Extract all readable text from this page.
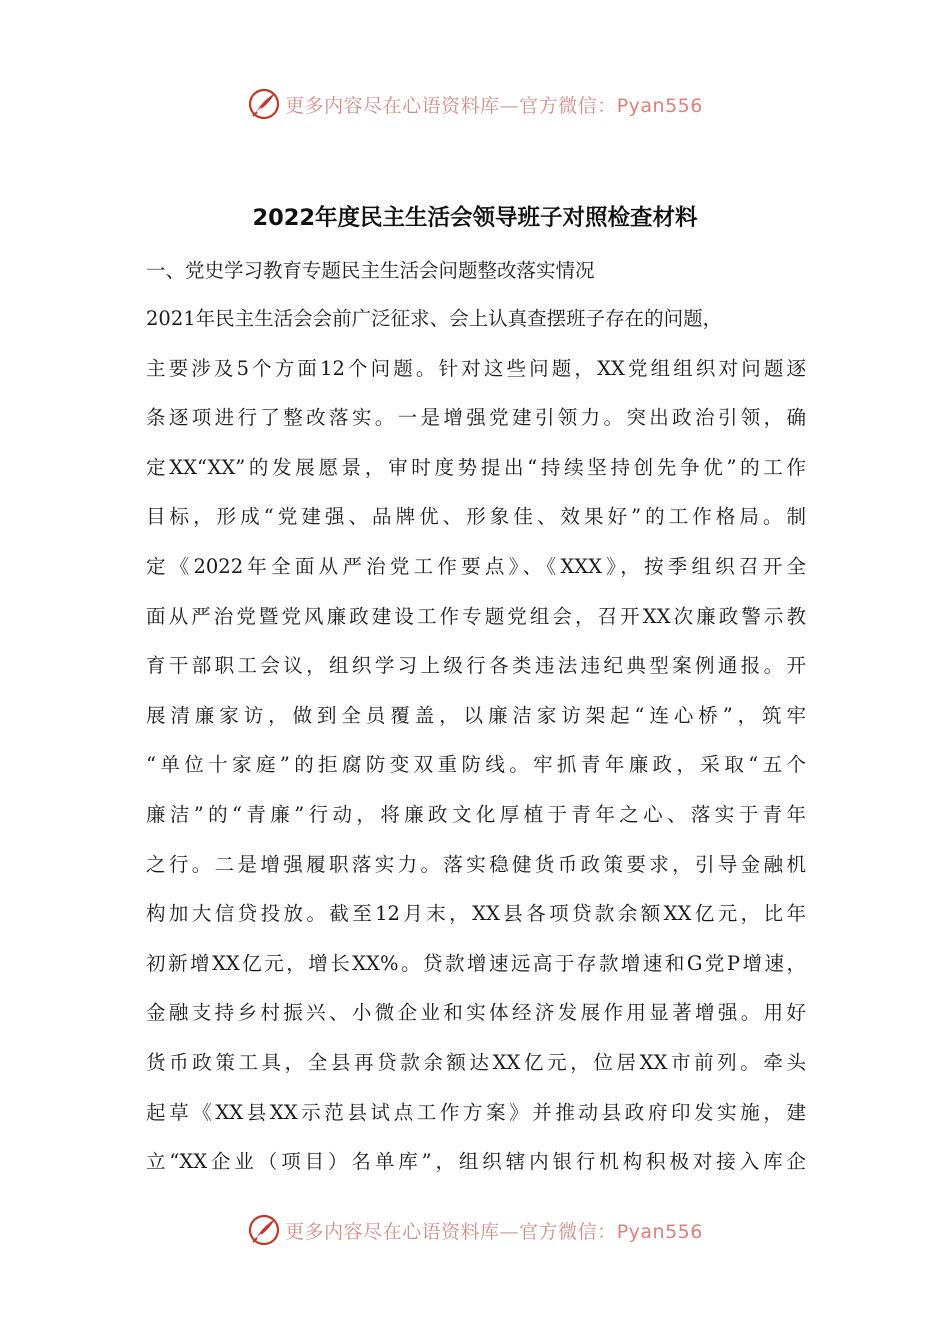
更多内容尽在心语资料库—官方微信：Pyan556
2022年度民主生活会领导班子对照检查材料
一、党史学习教育专题民主生活会问题整改落实情况
2021年民主生活会会前广泛征求、会上认真查摆班子存在的问题，
主要涉及5个方面12个问题。针对这些问题，XX党组组织对问题逐
条逐项进行了整改落实。一是增强党建引领力。突出政治引领，确
定XX“XX”的发展愿景，审时度势提出“持续坚持创先争优”的工作
目标，形成“党建强、品牌优、形象佳、效果好”的工作格局。制
定《2022年全面从严治党工作要点》、《XXX》，按季组织召开全
面从严治党暨党风廉政建设工作专题党组会，召开XX次廉政警示教
育干部职工会议，组织学习上级行各类违法违纪典型案例通报。开
展清廉家访，做到全员覆盖，以廉洁家访架起“连心桥”，筑牢
“单位十家庭”的拒腐防变双重防线。牢抓青年廉政，采取“五个
廉洁”的“青廉”行动，将廉政文化厚植于青年之心、落实于青年
之行。二是增强履职落实力。落实稳健货币政策要求，引导金融机
构加大信贷投放。截至12月末，XX县各项贷款余额XX亿元，比年
初新增XX亿元，增长XX%。贷款增速远高于存款增速和G党P增速，
金融支持乡村振兴、小微企业和实体经济发展作用显著增强。用好
货币政策工具，全县再贷款余额达XX亿元，位居XX市前列。牵头
起草《XX县XX示范县试点工作方案》并推动县政府印发实施，建
立“XX企业（项目）名单库”，组织辖内银行机构积极对接入库企
更多内容尽在心语资料库—官方微信：Pyan556
